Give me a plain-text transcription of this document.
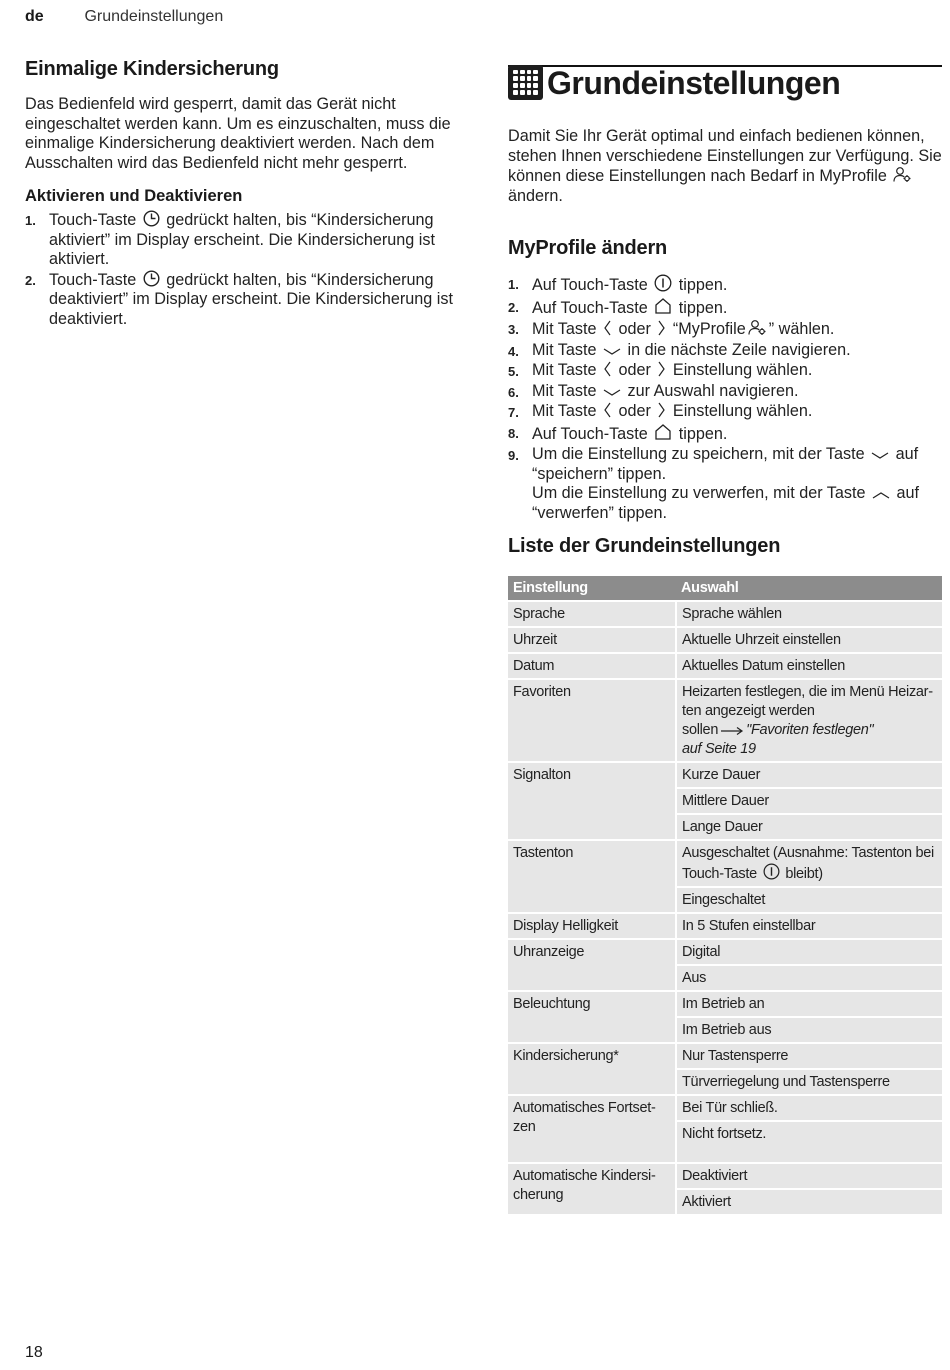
de	Grundeinstellungen
Einmalige Kindersicherung

Das Bedienfeld wird gesperrt, damit das Gerät nicht eingeschaltet werden kann. Um es einzuschalten, muss die einmalige Kindersicherung deaktiviert werden. Nach dem Ausschalten wird das Bedienfeld nicht mehr gesperrt.

Aktivieren und Deaktivieren
1. Touch-Taste gedrückt halten, bis “Kindersicherung aktiviert” im Display erscheint. Die Kindersicherung ist aktiviert.
2. Touch-Taste gedrückt halten, bis “Kindersicherung deaktiviert” im Display erscheint. Die Kindersicherung ist deaktiviert.
Grundeinstellungen

Damit Sie Ihr Gerät optimal und einfach bedienen können, stehen Ihnen verschiedene Einstellungen zur Verfügung. Sie können diese Einstellungen nach Bedarf in MyProfile  ändern.

MyProfile ändern
1. Auf Touch-Taste tippen.
2. Auf Touch-Taste tippen.
3. Mit Taste oder “MyProfile ” wählen.
4. Mit Taste in die nächste Zeile navigieren.
5. Mit Taste oder Einstellung wählen.
6. Mit Taste zur Auswahl navigieren.
7. Mit Taste oder Einstellung wählen.
8. Auf Touch-Taste tippen.
9. Um die Einstellung zu speichern, mit der Taste auf “speichern” tippen.
Um die Einstellung zu verwerfen, mit der Taste auf “verwerfen” tippen.
Liste der Grundeinstellungen
Einstellung	Auswahl
Sprache	Sprache wählen
Uhrzeit	Aktuelle Uhrzeit einstellen
Datum	Aktuelles Datum einstellen
Favoriten	Heizarten festlegen, die im Menü Heizar-
ten angezeigt werden
sollen "Favoriten festlegen"
auf Seite 19
Signalton	Kurze Dauer
	Mittlere Dauer
	Lange Dauer
Tastenton	Ausgeschaltet (Ausnahme: Tastenton bei
Touch-Taste bleibt)
	Eingeschaltet
Display Helligkeit	In 5 Stufen einstellbar
Uhranzeige	Digital
	Aus
Beleuchtung	Im Betrieb an
	Im Betrieb aus
Kindersicherung*	Nur Tastensperre
	Türverriegelung und Tastensperre
Automatisches Fortset-
zen	Bei Tür schließ.
	Nicht fortsetz.
Automatische Kindersi-
cherung	Deaktiviert
	Aktiviert
18
